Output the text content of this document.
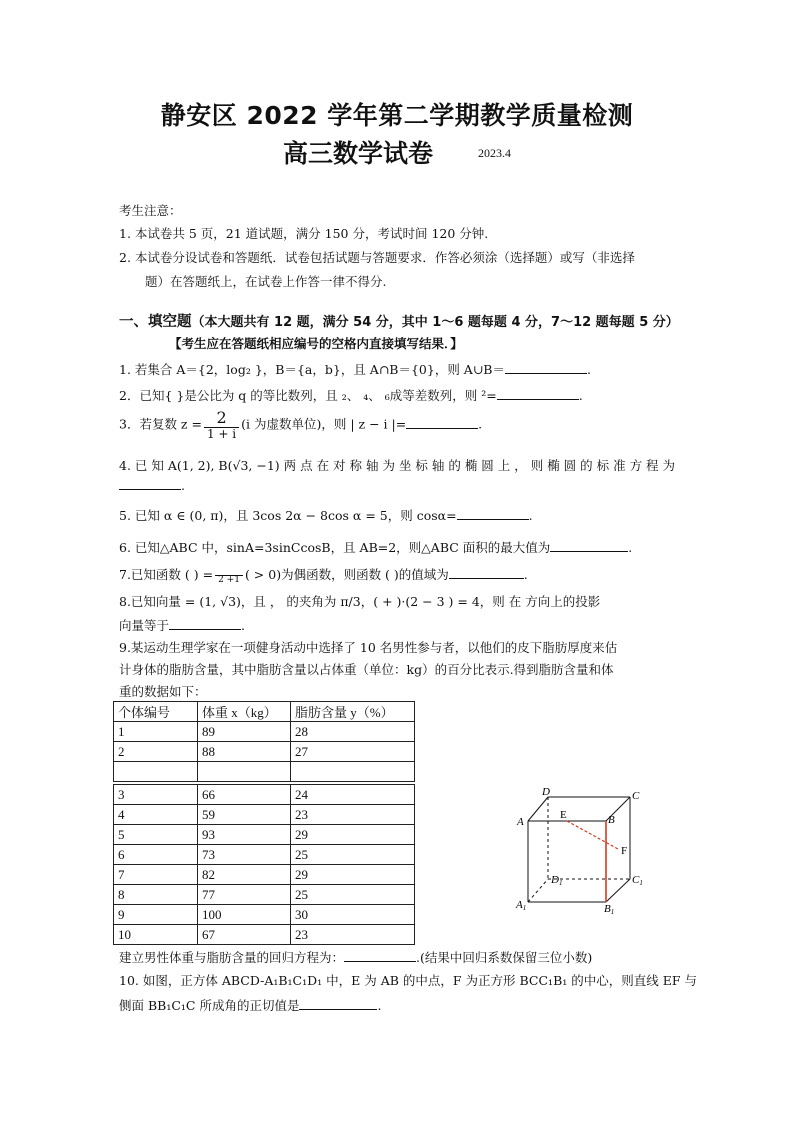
静安区 2022 学年第二学期教学质量检测
高三数学试卷	2023.4
考生注意：
1. 本试卷共 5 页，21 道试题，满分 150 分，考试时间 120 分钟.
2. 本试卷分设试卷和答题纸．试卷包括试题与答题要求．作答必须涂（选择题）或写（非选择
题）在答题纸上，在试卷上作答一律不得分.
一、填空题（本大题共有 12 题，满分 54 分，其中 1～6 题每题 4 分，7～12 题每题 5 分）
【考生应在答题纸相应编号的空格内直接填写结果．】
1. 若集合 A＝{2，log₂ }，B＝{a，b}，且 A∩B＝{0}，则 A∪B＝	.
2．已知{ }是公比为 q 的等比数列，且 ₂、 ₄、 ₆成等差数列，则 ²=	.
3．若复数 $z = \frac{2}{1 + i} (i$ 为虚数单位)，则 | z − i |=	.
4. 已 知 A(1, 2), B(√3, −1) 两 点 在 对 称 轴 为 坐 标 轴 的 椭 圆 上 ， 则 椭 圆 的 标 准 方 程 为
.
5. 已知 α ∈ (0, π)，且 3cos 2α − 8cos α = 5，则 cosα=	.
6. 已知△ABC 中，sinA=3sinCcosB，且 AB=2，则△ABC 面积的最大值为	.
7.已知函数 ( ) =
2 +1 ( > 0)为偶函数，则函数 ( )的值域为	.
8.已知向量 = (1, √3)，且 ， 的夹角为 π/3，( + )·(2 − 3 ) = 4，则 在 方向上的投影
向量等于	.
9.某运动生理学家在一项健身活动中选择了 10 名男性参与者，以他们的皮下脂肪厚度来估
计身体的脂肪含量，其中脂肪含量以占体重（单位：kg）的百分比表示.得到脂肪含量和体
重的数据如下：
个体编号	体重 x（kg）	脂肪含量 y（%）
1	89	28
2	88	27

3	66	24
4	59	23
5	93	29
6	73	25
7	82	29
8	77	25
9	100	30
10	67	23
D	C
A	B
E
F
D1	C1
A1	B1
建立男性体重与脂肪含量的回归方程为：	.(结果中回归系数保留三位小数)
10. 如图，正方体 ABCD-A₁B₁C₁D₁ 中，E 为 AB 的中点，F 为正方形 BCC₁B₁ 的中心，则直线 EF 与
侧面 BB₁C₁C 所成角的正切值是	.
